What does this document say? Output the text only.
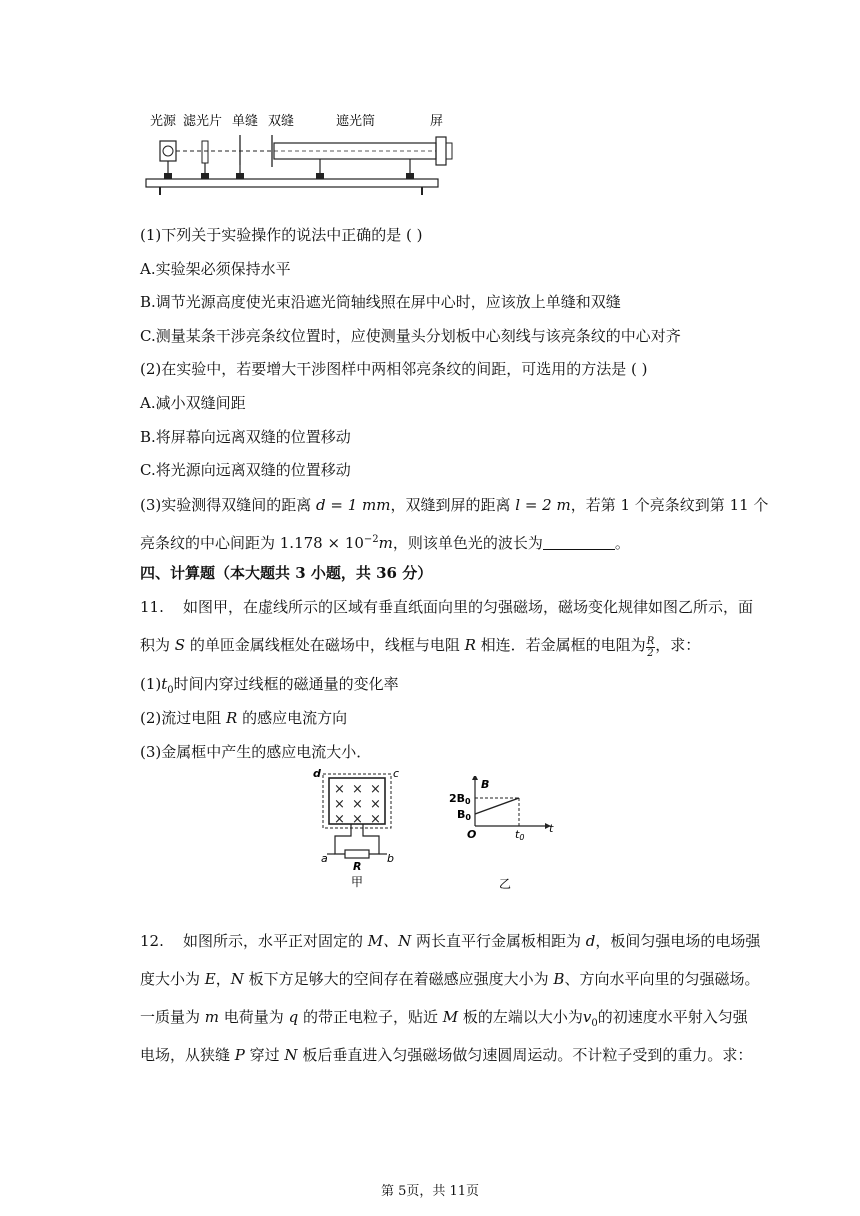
光源 滤光片 单缝 双缝	遮光筒	屏
(1)下列关于实验操作的说法中正确的是 ( )
A.实验架必须保持水平
B.调节光源高度使光束沿遮光筒轴线照在屏中心时，应该放上单缝和双缝
C.测量某条干涉亮条纹位置时，应使测量头分划板中心刻线与该亮条纹的中心对齐
(2)在实验中，若要增大干涉图样中两相邻亮条纹的间距，可选用的方法是 ( )
A.减小双缝间距
B.将屏幕向远离双缝的位置移动
C.将光源向远离双缝的位置移动
(3)实验测得双缝间的距离 d = 1 mm，双缝到屏的距离 l = 2 m，若第 1 个亮条纹到第 11 个
亮条纹的中心间距为 $1.178 \times 10^{-2}m$，则该单色光的波长为	。
四、计算题（本大题共 3 小题，共 36 分）
11. 如图甲，在虚线所示的区域有垂直纸面向里的匀强磁场，磁场变化规律如图乙所示，面
积为 S 的单匝金属线框处在磁场中，线框与电阻 R 相连．若金属框的电阻为 $\frac{R}{2}$ ，求：
$(1)t_0$时间内穿过线框的磁通量的变化率
(2)流过电阻 R 的感应电流方向
(3)金属框中产生的感应电流大小．
d	c
× × ×
× × ×
× × ×
a	b
R
甲
B
t
O
2B0
B0
t0
乙
12. 如图所示，水平正对固定的 M、N 两长直平行金属板相距为 d，板间匀强电场的电场强
度大小为 E，N 板下方足够大的空间存在着磁感应强度大小为 B、方向水平向里的匀强磁场。
一质量为 m 电荷量为 q 的带正电粒子，贴近 M 板的左端以大小为$v_0$的初速度水平射入匀强
电场，从狭缝 P 穿过 N 板后垂直进入匀强磁场做匀速圆周运动。不计粒子受到的重力。求：
第 5页，共 11页
